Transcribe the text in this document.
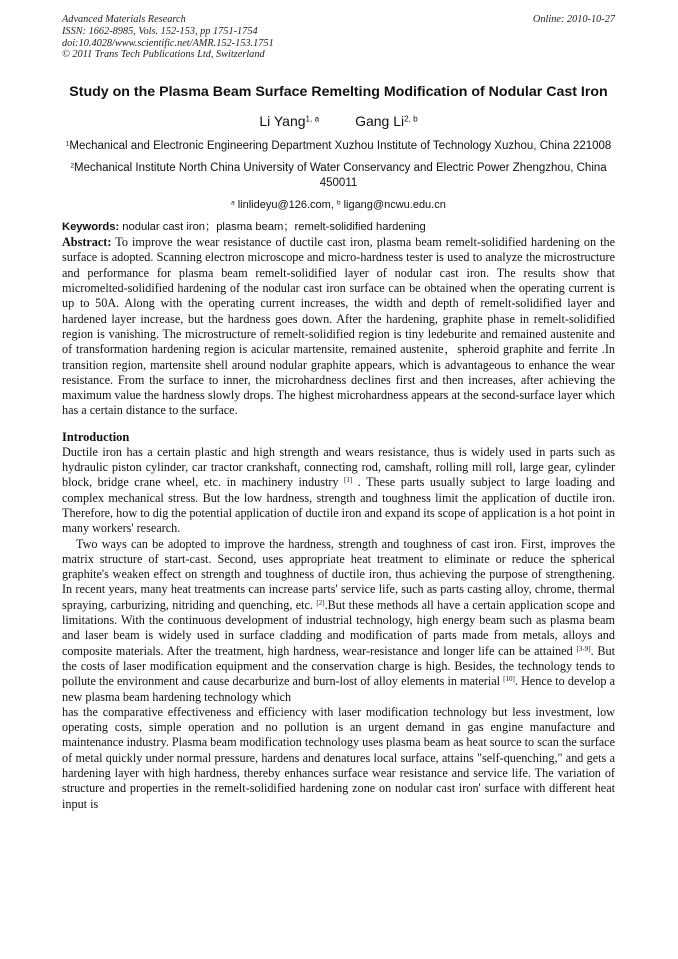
Advanced Materials Research
ISSN: 1662-8985, Vols. 152-153, pp 1751-1754
doi:10.4028/www.scientific.net/AMR.152-153.1751
© 2011 Trans Tech Publications Ltd, Switzerland
Online: 2010-10-27
Study on the Plasma Beam Surface Remelting Modification of Nodular Cast Iron
Li Yang$^{1, a}$	Gang Li$^{2, b}$
$^1$Mechanical and Electronic Engineering Department Xuzhou Institute of Technology Xuzhou, China 221008
$^2$Mechanical Institute North China University of Water Conservancy and Electric Power Zhengzhou, China 450011
$^a$ linlideyu@126.com, $^b$ ligang@ncwu.edu.cn
Keywords: nodular cast iron；plasma beam；remelt-solidified hardening

Abstract: To improve the wear resistance of ductile cast iron, plasma beam remelt-solidified hardening on the surface is adopted. Scanning electron microscope and micro-hardness tester is used to analyze the microstructure and performance for plasma beam remelt-solidified layer of nodular cast iron. The results show that micromelted-solidified hardening of the nodular cast iron surface can be obtained when the operating current is up to 50A. Along with the operating current increases, the width and depth of remelt-solidified layer and hardened layer increase, but the hardness goes down. After the hardening, graphite phase in remelt-solidified region is vanishing. The microstructure of remelt-solidified region is tiny ledeburite and remained austenite and of transformation hardening region is acicular martensite, remained austenite，spheroid graphite and ferrite .In transition region, martensite shell around nodular graphite appears, which is advantageous to enhance the wear resistance. From the surface to inner, the microhardness declines first and then increases, after achieving the maximum value the hardness slowly drops. The highest microhardness appears at the second-surface layer which has a certain distance to the surface.

Introduction

Ductile iron has a certain plastic and high strength and wears resistance, thus is widely used in parts such as hydraulic piston cylinder, car tractor crankshaft, connecting rod, camshaft, rolling mill roll, large gear, cylinder block, bridge crane wheel, etc. in machinery industry [1] . These parts usually subject to large loading and complex mechanical stress. But the low hardness, strength and toughness limit the application of ductile iron. Therefore, how to dig the potential application of ductile iron and expand its scope of application is a hot point in many workers' research.

Two ways can be adopted to improve the hardness, strength and toughness of cast iron. First, improves the matrix structure of start-cast. Second, uses appropriate heat treatment to eliminate or reduce the spherical graphite's weaken effect on strength and toughness of ductile iron, thus achieving the purpose of strengthening. In recent years, many heat treatments can increase parts' service life, such as parts casting alloy, chrome, thermal spraying, carburizing, nitriding and quenching, etc. [2].But these methods all have a certain application scope and limitations. With the continuous development of industrial technology, high energy beam such as plasma beam and laser beam is widely used in surface cladding and modification of parts made from metals, alloys and composite materials. After the treatment, high hardness, wear-resistance and longer life can be attained [3-9]. But the costs of laser modification equipment and the conservation charge is high. Besides, the technology tends to pollute the environment and cause decarburize and burn-lost of alloy elements in material [10]. Hence to develop a new plasma beam hardening technology which
has the comparative effectiveness and efficiency with laser modification technology but less investment, low operating costs, simple operation and no pollution is an urgent demand in gas engine manufacture and maintenance industry. Plasma beam modification technology uses plasma beam as heat source to scan the surface of metal quickly under normal pressure, hardens and denatures local surface, attains "self-quenching," and gets a hardening layer with high hardness, thereby enhances surface wear resistance and service life. The variation of structure and properties in the remelt-solidified hardening zone on nodular cast iron' surface with different heat input is
